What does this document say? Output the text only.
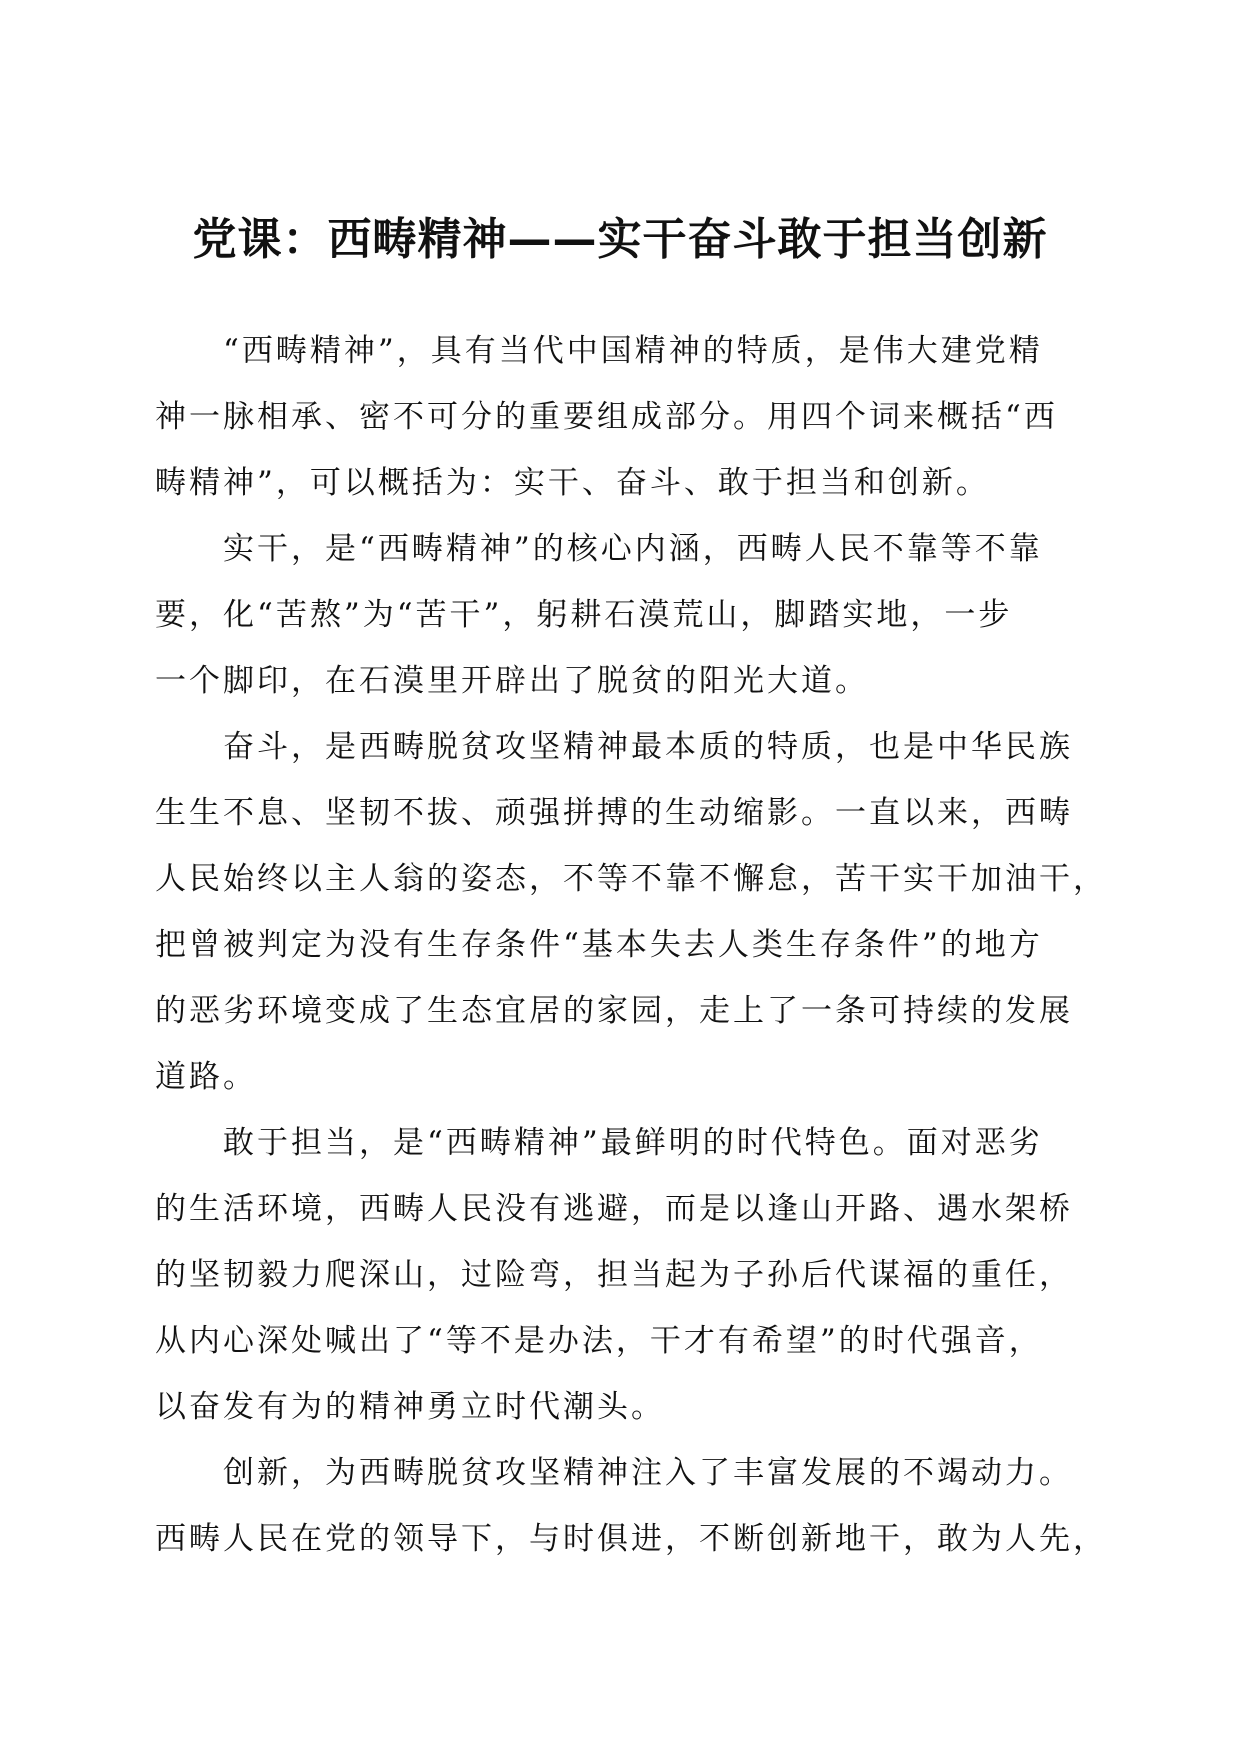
党课：西畴精神——实干奋斗敢于担当创新
“西畴精神”，具有当代中国精神的特质，是伟大建党精
神一脉相承、密不可分的重要组成部分。用四个词来概括“西
畴精神”，可以概括为：实干、奋斗、敢于担当和创新。
实干，是“西畴精神”的核心内涵，西畴人民不靠等不靠
要，化“苦熬”为“苦干”，躬耕石漠荒山，脚踏实地，一步
一个脚印，在石漠里开辟出了脱贫的阳光大道。
奋斗，是西畴脱贫攻坚精神最本质的特质，也是中华民族
生生不息、坚韧不拔、顽强拼搏的生动缩影。一直以来，西畴
人民始终以主人翁的姿态，不等不靠不懈怠，苦干实干加油干，
把曾被判定为没有生存条件“基本失去人类生存条件”的地方
的恶劣环境变成了生态宜居的家园，走上了一条可持续的发展
道路。
敢于担当，是“西畴精神”最鲜明的时代特色。面对恶劣
的生活环境，西畴人民没有逃避，而是以逢山开路、遇水架桥
的坚韧毅力爬深山，过险弯，担当起为子孙后代谋福的重任，
从内心深处喊出了“等不是办法，干才有希望”的时代强音，
以奋发有为的精神勇立时代潮头。
创新，为西畴脱贫攻坚精神注入了丰富发展的不竭动力。
西畴人民在党的领导下，与时俱进，不断创新地干，敢为人先，
